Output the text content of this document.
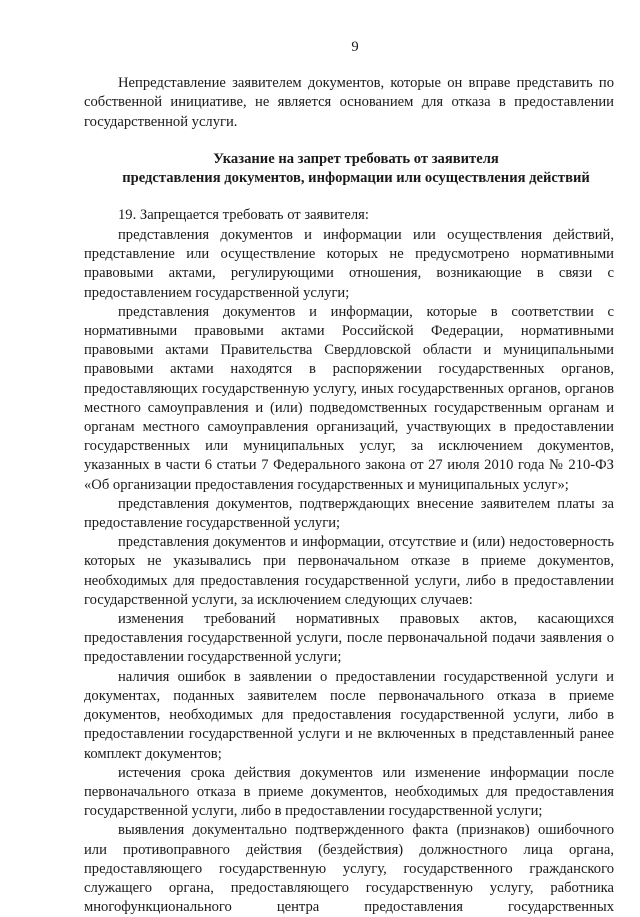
9

Непредставление заявителем документов, которые он вправе представить по собственной инициативе, не является основанием для отказа в предоставлении государственной услуги.

Указание на запрет требовать от заявителя
представления документов, информации или осуществления действий

19. Запрещается требовать от заявителя:

представления документов и информации или осуществления действий, представление или осуществление которых не предусмотрено нормативными правовыми актами, регулирующими отношения, возникающие в связи с предоставлением государственной услуги;

представления документов и информации, которые в соответствии с нормативными правовыми актами Российской Федерации, нормативными правовыми актами Правительства Свердловской области и муниципальными правовыми актами находятся в распоряжении государственных органов, предоставляющих государственную услугу, иных государственных органов, органов местного самоуправления и (или) подведомственных государственным органам и органам местного самоуправления организаций, участвующих в предоставлении государственных или муниципальных услуг, за исключением документов, указанных в части 6 статьи 7 Федерального закона от 27 июля 2010 года № 210-ФЗ «Об организации предоставления государственных и муниципальных услуг»;

представления документов, подтверждающих внесение заявителем платы за предоставление государственной услуги;

представления документов и информации, отсутствие и (или) недостоверность которых не указывались при первоначальном отказе в приеме документов, необходимых для предоставления государственной услуги, либо в предоставлении государственной услуги, за исключением следующих случаев:

изменения требований нормативных правовых актов, касающихся предоставления государственной услуги, после первоначальной подачи заявления о предоставлении государственной услуги;

наличия ошибок в заявлении о предоставлении государственной услуги и документах, поданных заявителем после первоначального отказа в приеме документов, необходимых для предоставления государственной услуги, либо в предоставлении государственной услуги и не включенных в представленный ранее комплект документов;

истечения срока действия документов или изменение информации после первоначального отказа в приеме документов, необходимых для предоставления государственной услуги, либо в предоставлении государственной услуги;

выявления документально подтвержденного факта (признаков) ошибочного или противоправного действия (бездействия) должностного лица органа, предоставляющего государственную услугу, государственного гражданского служащего органа, предоставляющего государственную услугу, работника многофункционального центра предоставления государственных
